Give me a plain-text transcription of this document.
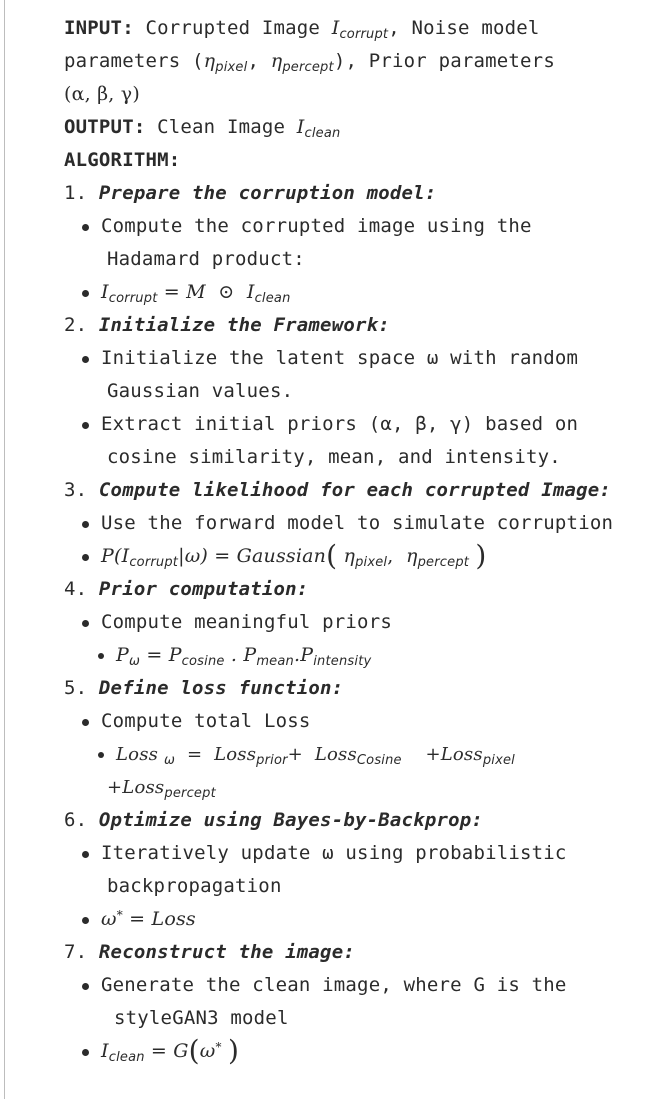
INPUT: Corrupted Image $I_{corrupt}$, Noise model
parameters ($\eta_{pixel}$, $\eta_{percept}$), Prior parameters
(α, β, γ)
OUTPUT: Clean Image $I_{clean}$
ALGORITHM:
1. Prepare the corruption model:
Compute the corrupted image using the
Hadamard product:
$I_{corrupt} = M$ ⊙ $I_{clean}$
2. Initialize the Framework:
Initialize the latent space ω with random
Gaussian values.
Extract initial priors (α, β, γ) based on
cosine similarity, mean, and intensity.
3. Compute likelihood for each corrupted Image:
Use the forward model to simulate corruption
$P(I_{corrupt}|\omega)$ = Gaussian( $\eta_{pixel}$, $\eta_{percept}$ )
4. Prior computation:
Compute meaningful priors
$P_\omega = P_{cosine}$ . $P_{mean}.P_{intensity}$
5. Define loss function:
Compute total Loss
Loss $_\omega$ = Loss$_{prior}$+ Loss$_{Cosine}$ +Loss$_{pixel}$
+Loss$_{percept}$
6. Optimize using Bayes-by-Backprop:
Iteratively update ω using probabilistic
backpropagation
ω* = Loss
7. Reconstruct the image:
Generate the clean image, where G is the
styleGAN3 model
$I_{clean} = G(\omega^*$ )
